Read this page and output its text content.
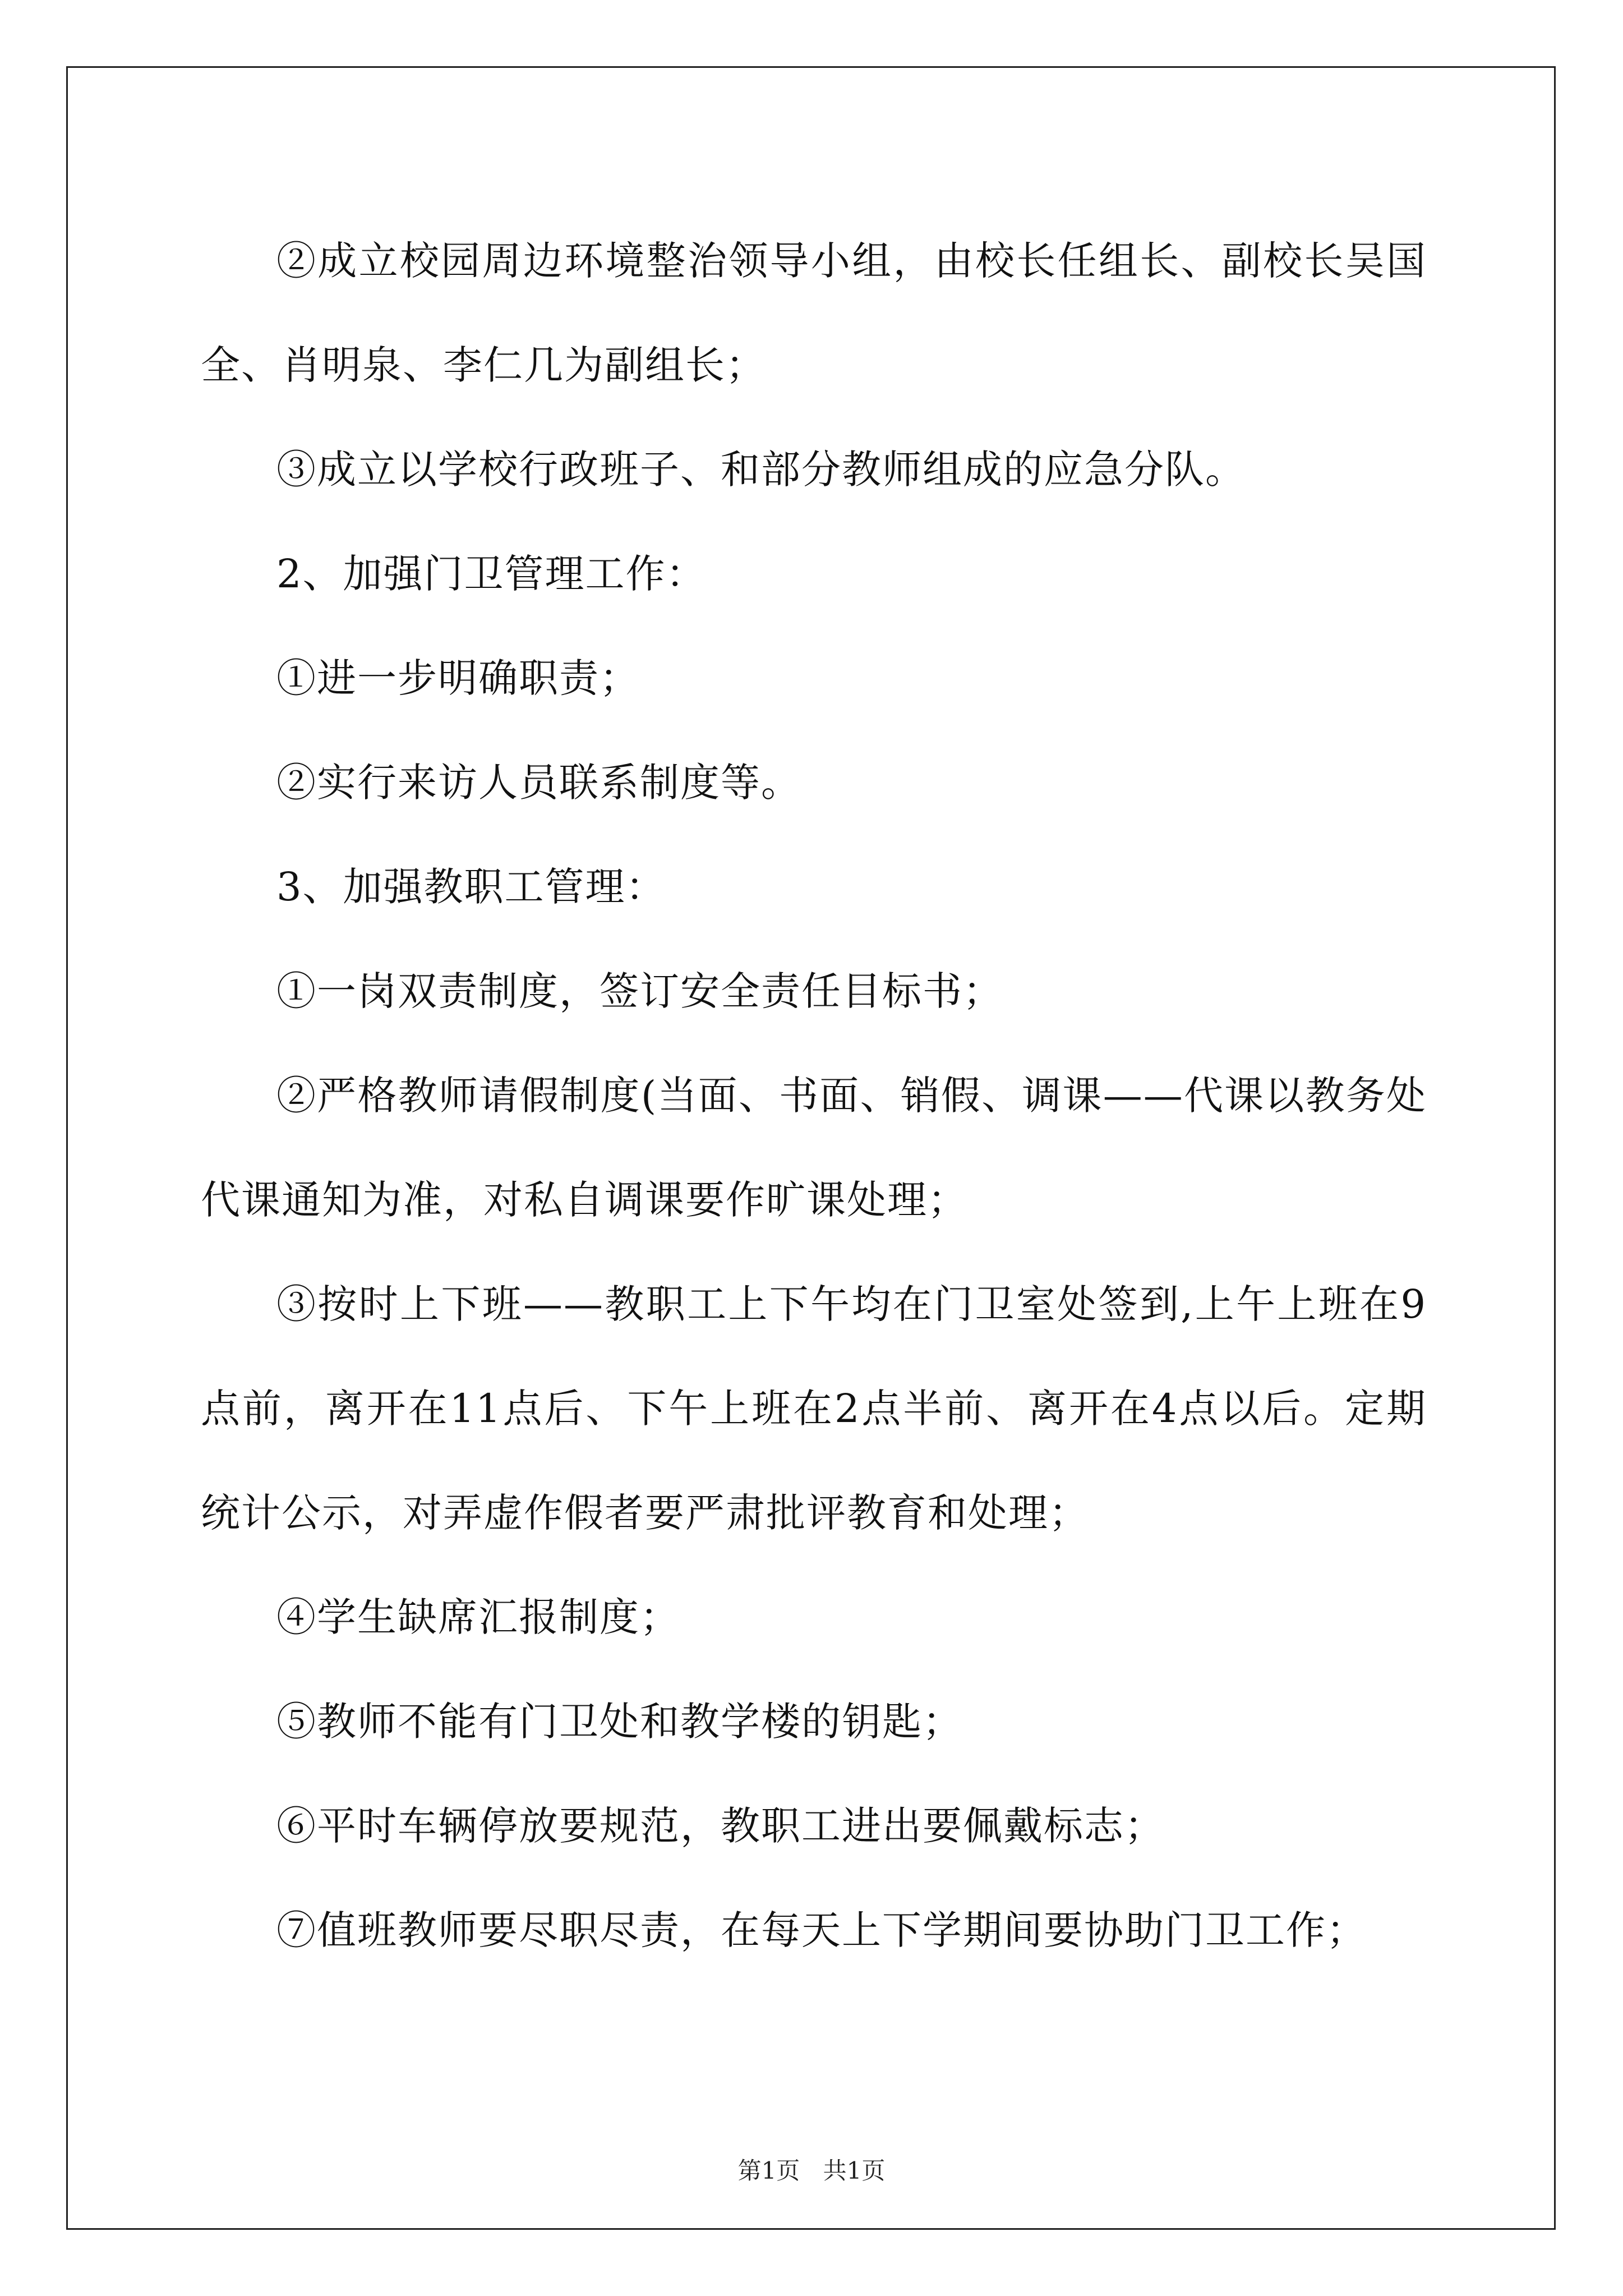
②成立校园周边环境整治领导小组，由校长任组长、副校长吴国全、肖明泉、李仁几为副组长；

③成立以学校行政班子、和部分教师组成的应急分队。

2、加强门卫管理工作：

①进一步明确职责；

②实行来访人员联系制度等。

3、加强教职工管理：

①一岗双责制度，签订安全责任目标书；

②严格教师请假制度(当面、书面、销假、调课——代课以教务处代课通知为准，对私自调课要作旷课处理；

③按时上下班——教职工上下午均在门卫室处签到,上午上班在9点前，离开在11点后、下午上班在2点半前、离开在4点以后。定期统计公示，对弄虚作假者要严肃批评教育和处理；

④学生缺席汇报制度；

⑤教师不能有门卫处和教学楼的钥匙；

⑥平时车辆停放要规范，教职工进出要佩戴标志；

⑦值班教师要尽职尽责，在每天上下学期间要协助门卫工作；

第1页 共1页
